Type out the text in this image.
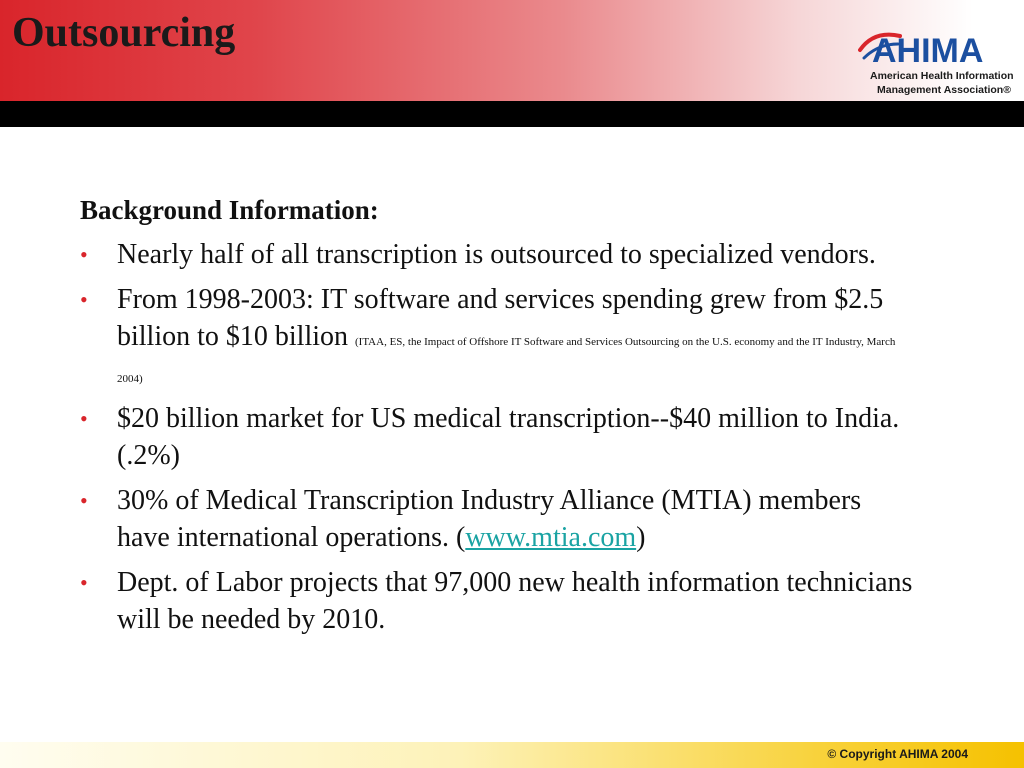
Outsourcing	AHIMA
American Health Information
Management Association®

Background Information:

• Nearly half of all transcription is outsourced to specialized vendors.
• From 1998-2003: IT software and services spending grew from $2.5 billion to $10 billion (ITAA, ES, the Impact of Offshore IT Software and Services Outsourcing on the U.S. economy and the IT Industry, March 2004)
• $20 billion market for US medical transcription--$40 million to India. (.2%)
• 30% of Medical Transcription Industry Alliance (MTIA) members have international operations. (www.mtia.com)
• Dept. of Labor projects that 97,000 new health information technicians will be needed by 2010.
© Copyright AHIMA 2004
